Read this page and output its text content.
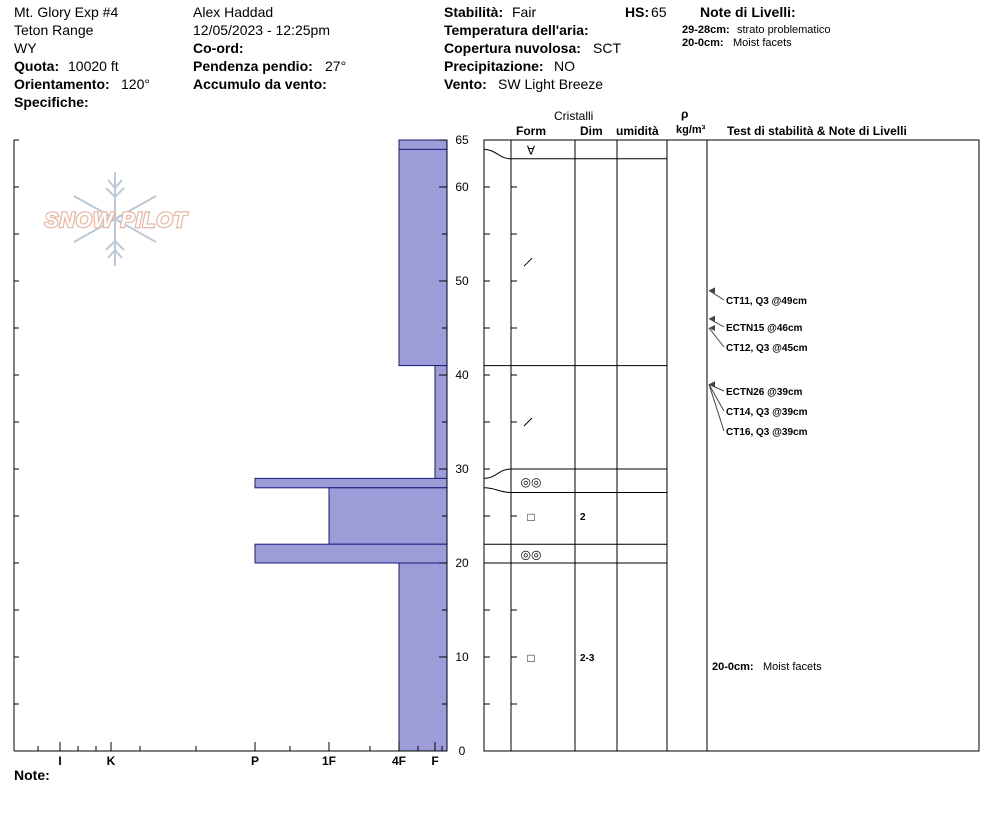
Mt. Glory Exp #4
Teton Range
WY
Quota: 10020 ft
Orientamento: 120°
Specifiche:
Alex Haddad
12/05/2023 - 12:25pm
Co-ord:
Pendenza pendio: 27°
Accumulo da vento:
Stabilità: Fair	HS: 65
Temperatura dell'aria:
Copertura nuvolosa: SCT
Precipitazione: NO
Vento: SW Light Breeze
Note di Livelli:
29-28cm: strato problematico
20-0cm: Moist facets
Cristalli
Form	Dim umidità
ρ
kg/m³ Test di stabilità & Note di Livelli
Note:
SNOW PILOT
0
10
20
30
40
50
60
65
I	K	P	1F	4F F
∀
◎◎
□	2
◎◎
□	2-3
CT11, Q3 @49cm
ECTN15 @46cm
CT12, Q3 @45cm
ECTN26 @39cm
CT14, Q3 @39cm
CT16, Q3 @39cm
20-0cm: Moist facets
